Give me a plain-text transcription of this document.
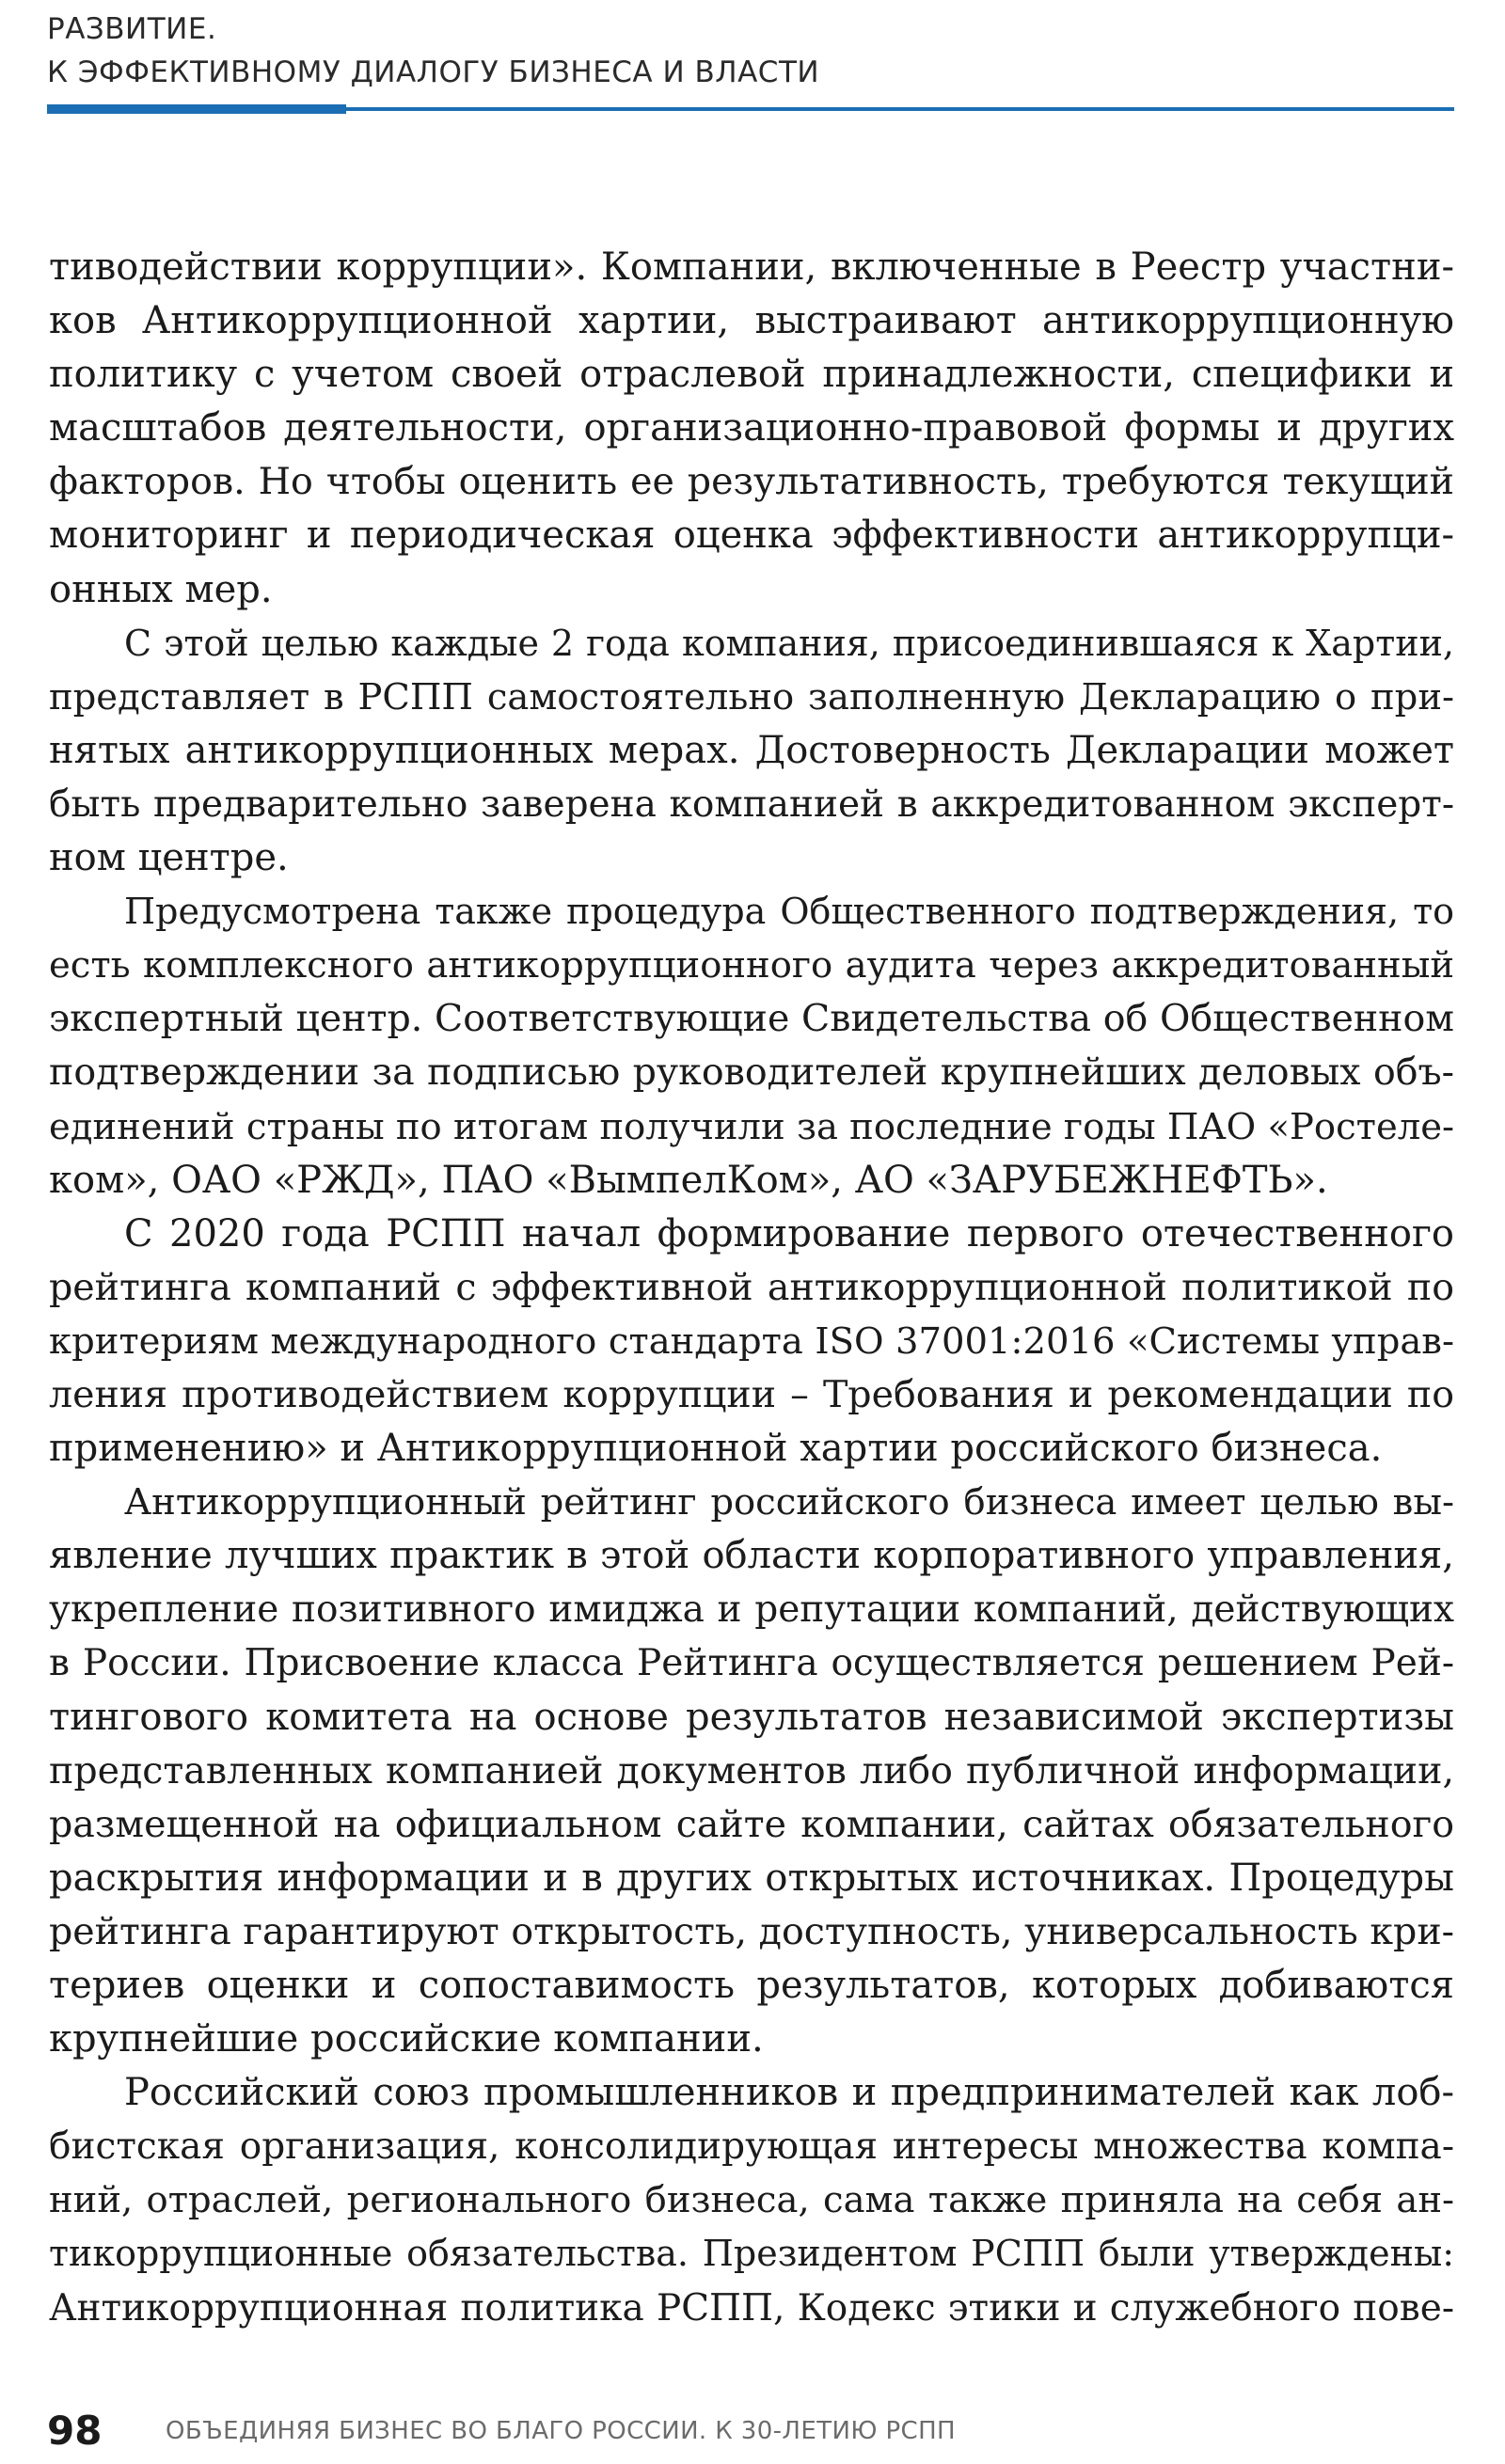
РАЗВИТИЕ.
К ЭФФЕКТИВНОМУ ДИАЛОГУ БИЗНЕСА И ВЛАСТИ
тиводействии коррупции». Компании, включенные в Реестр участни-
ков Антикоррупционной хартии, выстраивают антикоррупционную
политику с учетом своей отраслевой принадлежности, специфики и
масштабов деятельности, организационно-правовой формы и других
факторов. Но чтобы оценить ее результативность, требуются текущий
мониторинг и периодическая оценка эффективности антикоррупци-
онных мер.
С этой целью каждые 2 года компания, присоединившаяся к Хартии,
представляет в РСПП самостоятельно заполненную Декларацию о при-
нятых антикоррупционных мерах. Достоверность Декларации может
быть предварительно заверена компанией в аккредитованном эксперт-
ном центре.
Предусмотрена также процедура Общественного подтверждения, то
есть комплексного антикоррупционного аудита через аккредитованный
экспертный центр. Соответствующие Свидетельства об Общественном
подтверждении за подписью руководителей крупнейших деловых объ-
единений страны по итогам получили за последние годы ПАО «Ростеле-
ком», ОАО «РЖД», ПАО «ВымпелКом», АО «ЗАРУБЕЖНЕФТЬ».
С 2020 года РСПП начал формирование первого отечественного
рейтинга компаний с эффективной антикоррупционной политикой по
критериям международного стандарта ISO 37001:2016 «Системы управ-
ления противодействием коррупции – Требования и рекомендации по
применению» и Антикоррупционной хартии российского бизнеса.
Антикоррупционный рейтинг российского бизнеса имеет целью вы-
явление лучших практик в этой области корпоративного управления,
укрепление позитивного имиджа и репутации компаний, действующих
в России. Присвоение класса Рейтинга осуществляется решением Рей-
тингового комитета на основе результатов независимой экспертизы
представленных компанией документов либо публичной информации,
размещенной на официальном сайте компании, сайтах обязательного
раскрытия информации и в других открытых источниках. Процедуры
рейтинга гарантируют открытость, доступность, универсальность кри-
териев оценки и сопоставимость результатов, которых добиваются
крупнейшие российские компании.
Российский союз промышленников и предпринимателей как лоб-
бистская организация, консолидирующая интересы множества компа-
ний, отраслей, регионального бизнеса, сама также приняла на себя ан-
тикоррупционные обязательства. Президентом РСПП были утверждены:
Антикоррупционная политика РСПП, Кодекс этики и служебного пове-
98	ОБЪЕДИНЯЯ БИЗНЕС ВО БЛАГО РОССИИ. К 30-ЛЕТИЮ РСПП
